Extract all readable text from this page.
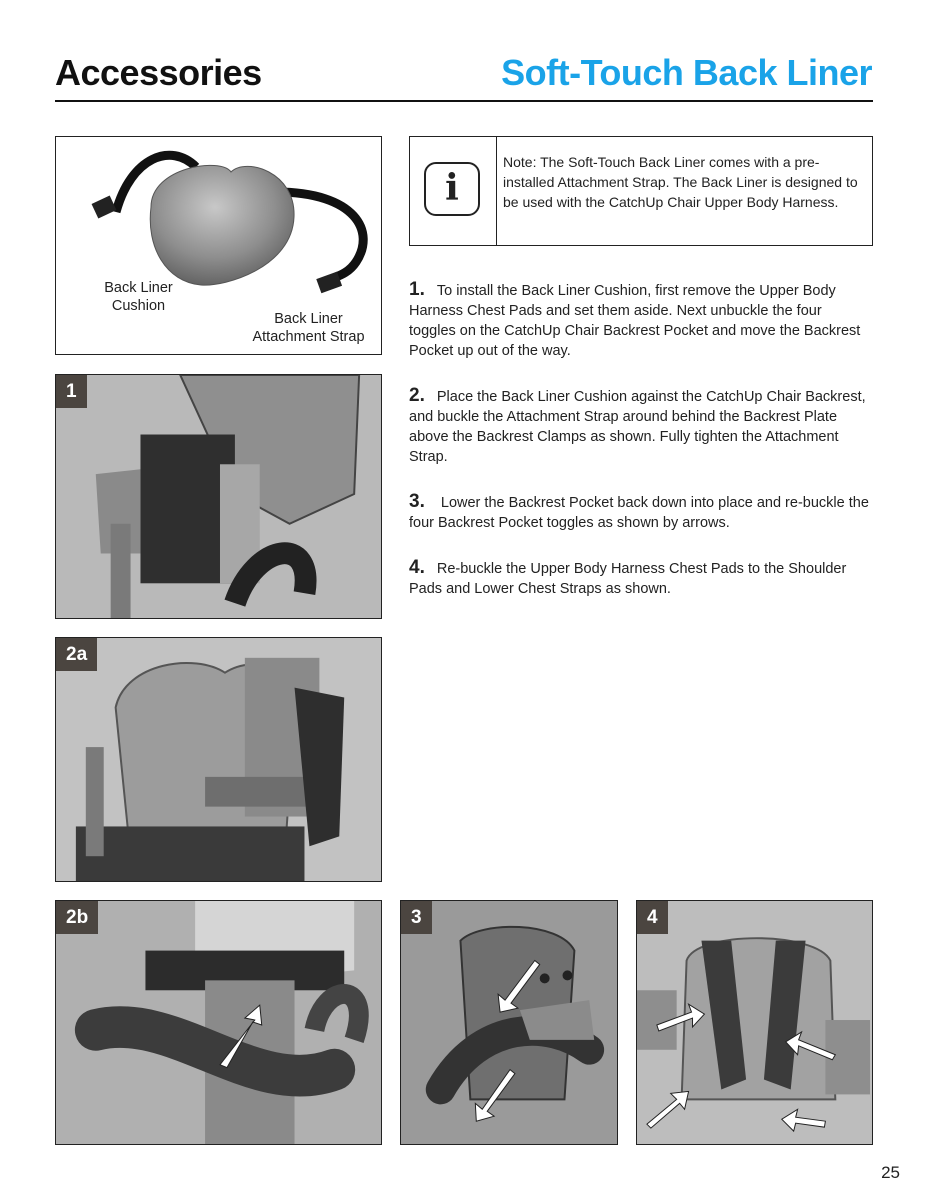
Accessories	Soft-Touch Back Liner
Back Liner
Cushion
Back Liner
Attachment Strap
1
2a
2b	3	4
i
Note: The Soft-Touch Back Liner comes with a pre-installed Attachment Strap. The Back Liner is designed to be used with the CatchUp Chair Upper Body Harness.
1. To install the Back Liner Cushion, first remove the Upper Body Harness Chest Pads and set them aside. Next unbuckle the four toggles on the CatchUp Chair Backrest Pocket and move the Backrest Pocket up out of the way.
2. Place the Back Liner Cushion against the CatchUp Chair Backrest, and buckle the Attachment Strap around behind the Backrest Plate above the Backrest Clamps as shown. Fully tighten the Attachment Strap.
3. Lower the Backrest Pocket back down into place and re-buckle the four Backrest Pocket toggles as shown by arrows.
4. Re-buckle the Upper Body Harness Chest Pads to the Shoulder Pads and Lower Chest Straps as shown.
25
